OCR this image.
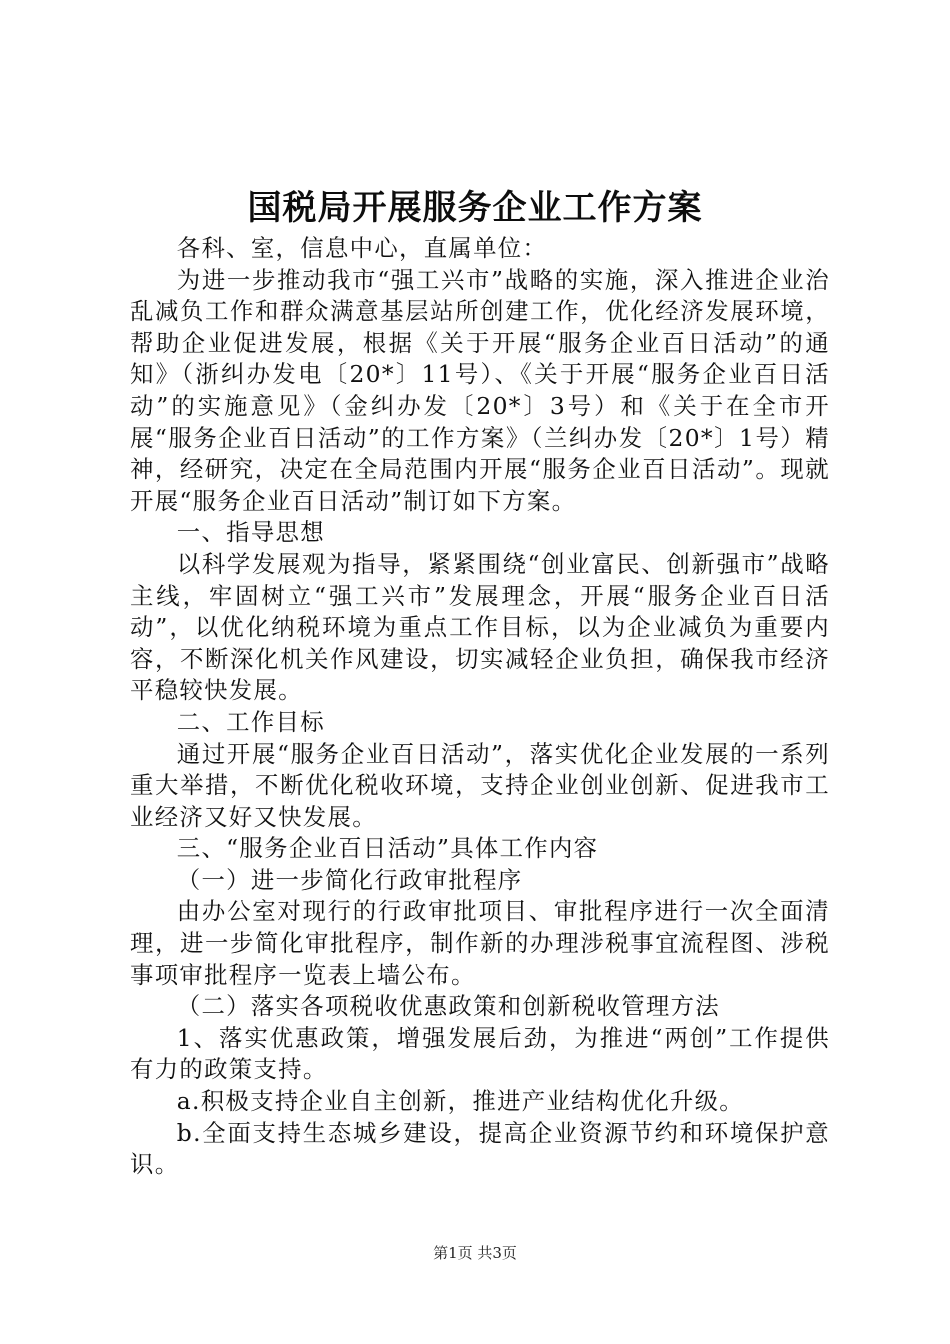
国税局开展服务企业工作方案

各科、室，信息中心，直属单位：

为进一步推动我市“强工兴市”战略的实施，深入推进企业治乱减负工作和群众满意基层站所创建工作，优化经济发展环境，帮助企业促进发展，根据《关于开展“服务企业百日活动”的通知》（浙纠办发电〔20*〕11号）、《关于开展“服务企业百日活动”的实施意见》（金纠办发〔20*〕3号）和《关于在全市开展“服务企业百日活动”的工作方案》（兰纠办发〔20*〕1号）精神，经研究，决定在全局范围内开展“服务企业百日活动”。现就开展“服务企业百日活动”制订如下方案。

一、指导思想

以科学发展观为指导，紧紧围绕“创业富民、创新强市”战略主线，牢固树立“强工兴市”发展理念，开展“服务企业百日活动”，以优化纳税环境为重点工作目标，以为企业减负为重要内容，不断深化机关作风建设，切实减轻企业负担，确保我市经济平稳较快发展。

二、工作目标

通过开展“服务企业百日活动”，落实优化企业发展的一系列重大举措，不断优化税收环境，支持企业创业创新、促进我市工业经济又好又快发展。

三、“服务企业百日活动”具体工作内容

（一）进一步简化行政审批程序

由办公室对现行的行政审批项目、审批程序进行一次全面清理，进一步简化审批程序，制作新的办理涉税事宜流程图、涉税事项审批程序一览表上墙公布。

（二）落实各项税收优惠政策和创新税收管理方法

1、落实优惠政策，增强发展后劲，为推进“两创”工作提供有力的政策支持。

a.积极支持企业自主创新，推进产业结构优化升级。

b.全面支持生态城乡建设，提高企业资源节约和环境保护意识。

第1页 共3页
